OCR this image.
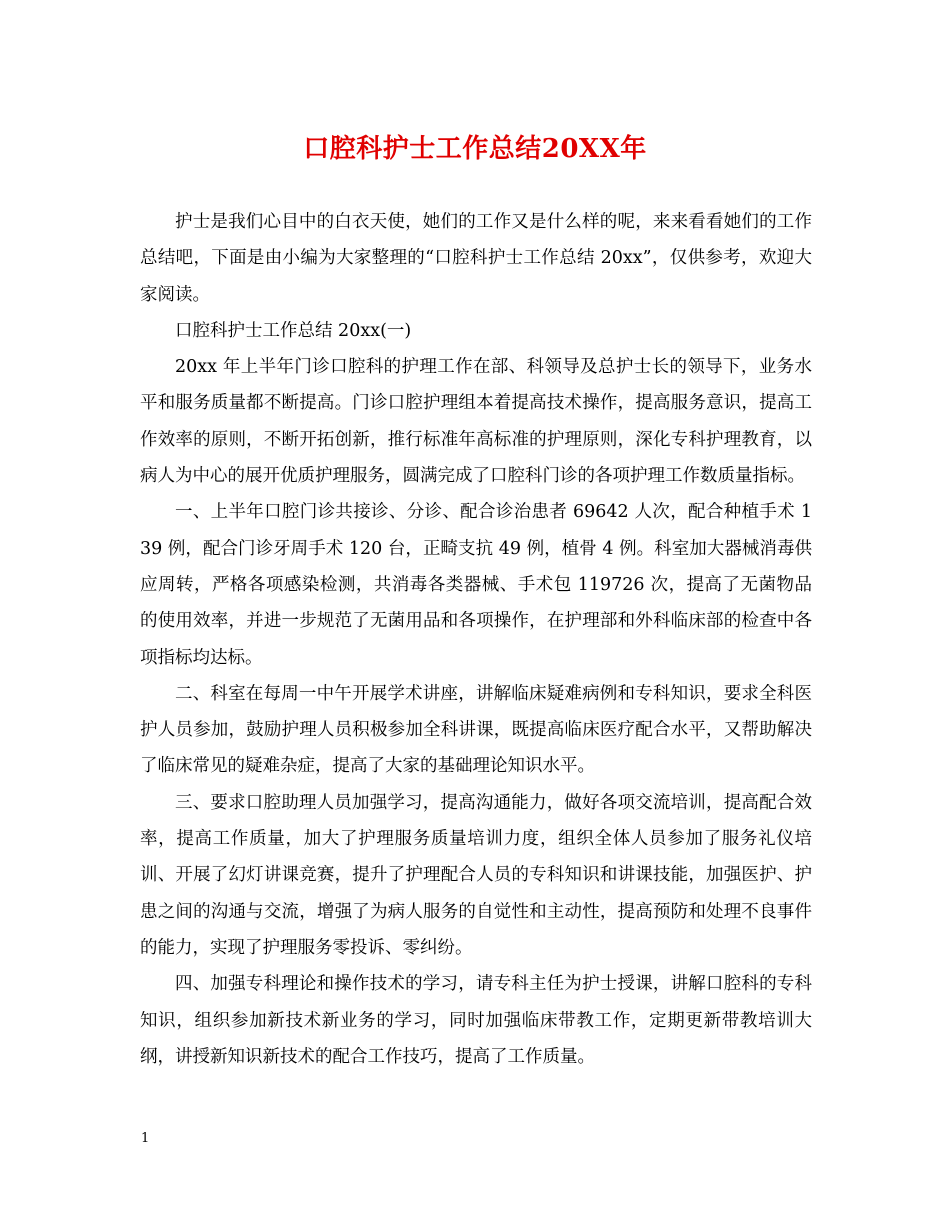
口腔科护士工作总结20XX年

护士是我们心目中的白衣天使，她们的工作又是什么样的呢，来来看看她们的工作总结吧，下面是由小编为大家整理的“口腔科护士工作总结 20xx”，仅供参考，欢迎大家阅读。

口腔科护士工作总结 20xx(一)

20xx 年上半年门诊口腔科的护理工作在部、科领导及总护士长的领导下，业务水平和服务质量都不断提高。门诊口腔护理组本着提高技术操作，提高服务意识，提高工作效率的原则，不断开拓创新，推行标准年高标准的护理原则，深化专科护理教育，以病人为中心的展开优质护理服务，圆满完成了口腔科门诊的各项护理工作数质量指标。

一、上半年口腔门诊共接诊、分诊、配合诊治患者 69642 人次，配合种植手术 139 例，配合门诊牙周手术 120 台，正畸支抗 49 例，植骨 4 例。科室加大器械消毒供应周转，严格各项感染检测，共消毒各类器械、手术包 119726 次，提高了无菌物品的使用效率，并进一步规范了无菌用品和各项操作，在护理部和外科临床部的检查中各项指标均达标。

二、科室在每周一中午开展学术讲座，讲解临床疑难病例和专科知识，要求全科医护人员参加，鼓励护理人员积极参加全科讲课，既提高临床医疗配合水平，又帮助解决了临床常见的疑难杂症，提高了大家的基础理论知识水平。

三、要求口腔助理人员加强学习，提高沟通能力，做好各项交流培训，提高配合效率，提高工作质量，加大了护理服务质量培训力度，组织全体人员参加了服务礼仪培训、开展了幻灯讲课竞赛，提升了护理配合人员的专科知识和讲课技能，加强医护、护患之间的沟通与交流，增强了为病人服务的自觉性和主动性，提高预防和处理不良事件的能力，实现了护理服务零投诉、零纠纷。

四、加强专科理论和操作技术的学习，请专科主任为护士授课，讲解口腔科的专科知识，组织参加新技术新业务的学习，同时加强临床带教工作，定期更新带教培训大纲，讲授新知识新技术的配合工作技巧，提高了工作质量。

1
